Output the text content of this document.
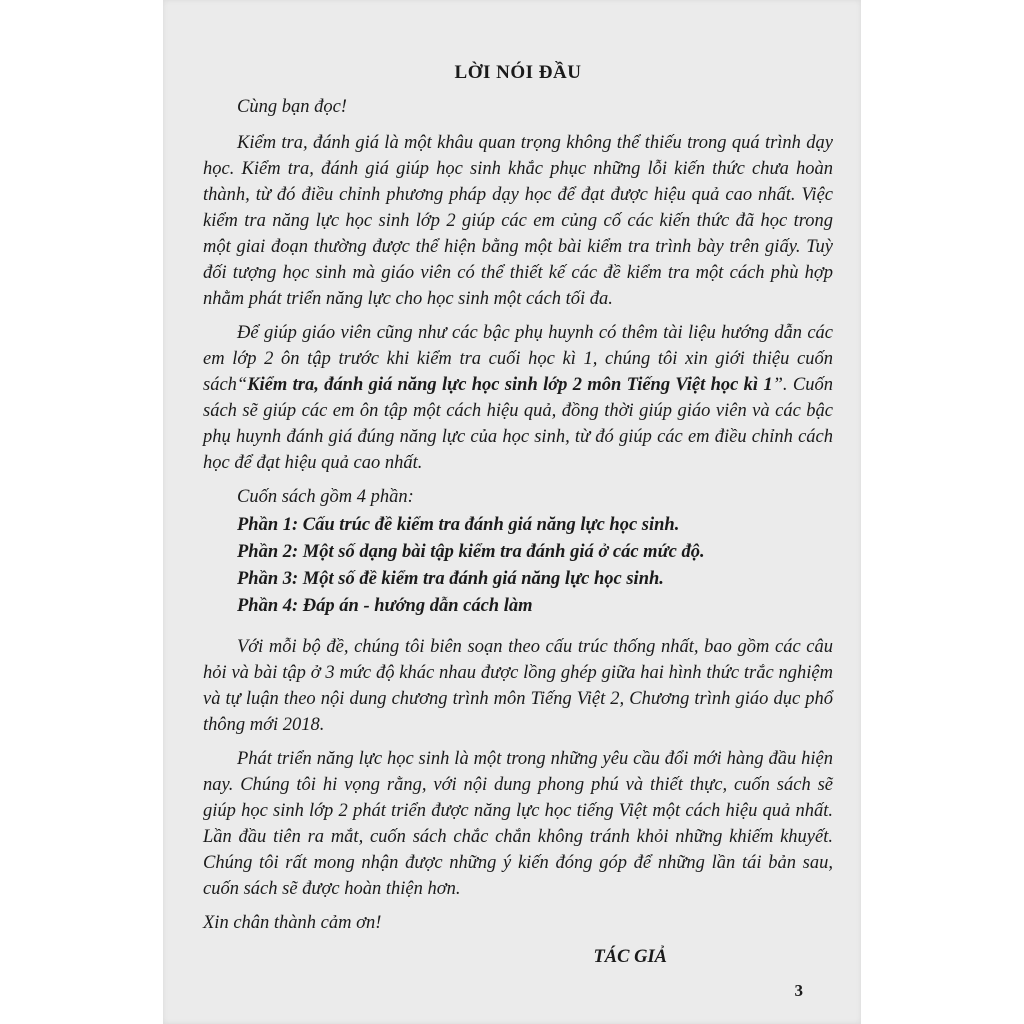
LỜI NÓI ĐẦU

Cùng bạn đọc!

Kiểm tra, đánh giá là một khâu quan trọng không thể thiếu trong quá trình dạy học. Kiểm tra, đánh giá giúp học sinh khắc phục những lỗi kiến thức chưa hoàn thành, từ đó điều chỉnh phương pháp dạy học để đạt được hiệu quả cao nhất. Việc kiểm tra năng lực học sinh lớp 2 giúp các em củng cố các kiến thức đã học trong một giai đoạn thường được thể hiện bằng một bài kiểm tra trình bày trên giấy. Tuỳ đối tượng học sinh mà giáo viên có thể thiết kế các đề kiểm tra một cách phù hợp nhằm phát triển năng lực cho học sinh một cách tối đa.

Để giúp giáo viên cũng như các bậc phụ huynh có thêm tài liệu hướng dẫn các em lớp 2 ôn tập trước khi kiểm tra cuối học kì 1, chúng tôi xin giới thiệu cuốn sách“Kiểm tra, đánh giá năng lực học sinh lớp 2 môn Tiếng Việt học kì 1”. Cuốn sách sẽ giúp các em ôn tập một cách hiệu quả, đồng thời giúp giáo viên và các bậc phụ huynh đánh giá đúng năng lực của học sinh, từ đó giúp các em điều chỉnh cách học để đạt hiệu quả cao nhất.

Cuốn sách gồm 4 phần:

Phần 1: Cấu trúc đề kiểm tra đánh giá năng lực học sinh.

Phần 2: Một số dạng bài tập kiểm tra đánh giá ở các mức độ.

Phần 3: Một số đề kiểm tra đánh giá năng lực học sinh.

Phần 4: Đáp án - hướng dẫn cách làm

Với mỗi bộ đề, chúng tôi biên soạn theo cấu trúc thống nhất, bao gồm các câu hỏi và bài tập ở 3 mức độ khác nhau được lồng ghép giữa hai hình thức trắc nghiệm và tự luận theo nội dung chương trình môn Tiếng Việt 2, Chương trình giáo dục phổ thông mới 2018.

Phát triển năng lực học sinh là một trong những yêu cầu đổi mới hàng đầu hiện nay. Chúng tôi hi vọng rằng, với nội dung phong phú và thiết thực, cuốn sách sẽ giúp học sinh lớp 2 phát triển được năng lực học tiếng Việt một cách hiệu quả nhất. Lần đầu tiên ra mắt, cuốn sách chắc chắn không tránh khỏi những khiếm khuyết. Chúng tôi rất mong nhận được những ý kiến đóng góp để những lần tái bản sau, cuốn sách sẽ được hoàn thiện hơn.

Xin chân thành cảm ơn!

TÁC GIẢ

3
